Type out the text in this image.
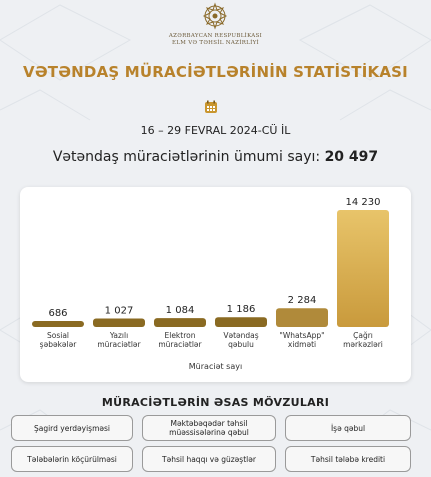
AZƏRBAYCAN RESPUBLİKASI
ELM VƏ TƏHSİL NAZİRLİYİ
VƏTƏNDAŞ MÜRACİƏTLƏRİNİN STATİSTİKASI
16 – 29 FEVRAL 2024-CÜ İL
Vətəndaş müraciətlərinin ümumi sayı: 20 497
686
Sosial
şəbəkələr
1 027
Yazılı
müraciətlər
1 084
Elektron
müraciətlər
1 186
Vətəndaş
qəbulu
2 284
"WhatsApp"
xidməti
14 230
Çağrı
mərkəzləri
Müraciət sayı
MÜRACİƏTLƏRİN ƏSAS MÖVZULARI
Şagird yerdəyişməsi	Məktəbəqədər təhsil müəssisələrinə qəbul	İşə qəbul
Tələbələrin köçürülməsi	Təhsil haqqı və güzəştlər	Təhsil tələbə krediti
